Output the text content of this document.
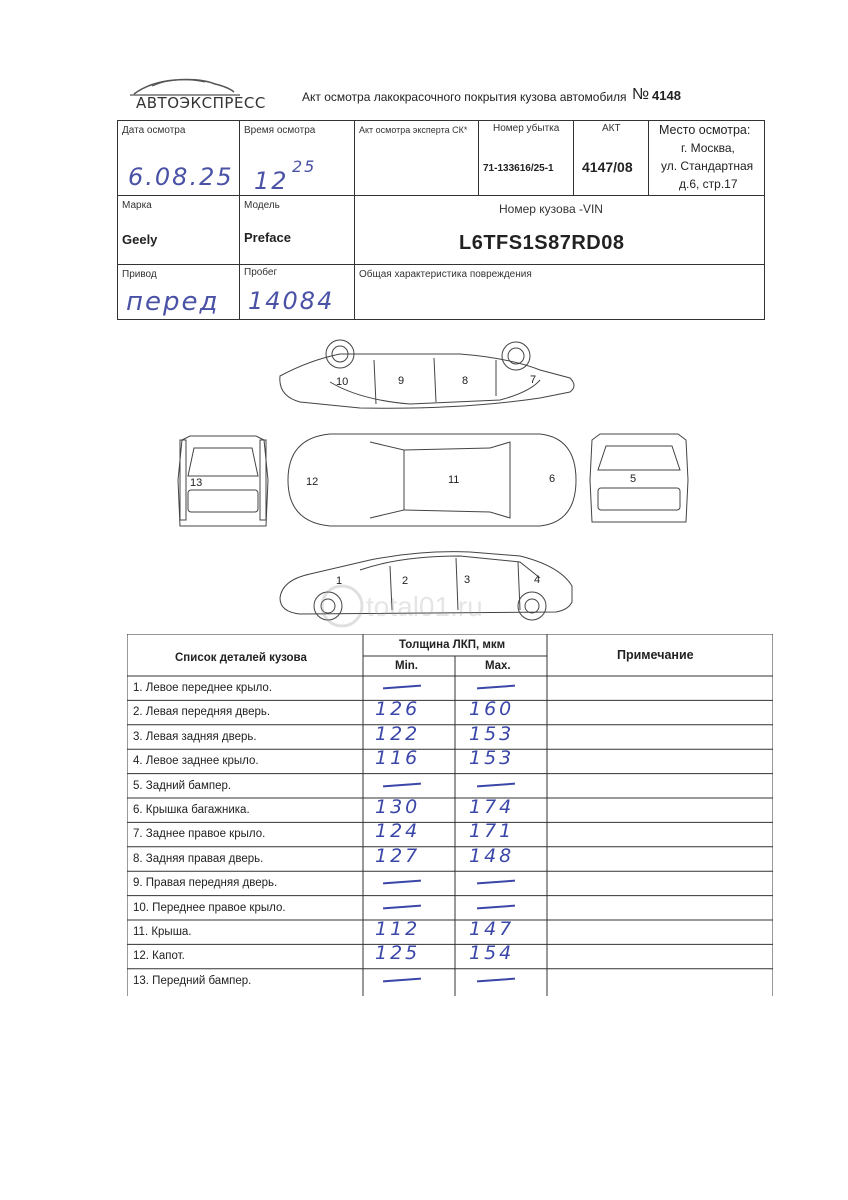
АВТОЭКСПРЕСС	Акт осмотра лакокрасочного покрытия кузова автомобиля № 4148
Дата осмотра
6.08.25
Время осмотра
12
25
Акт осмотра эксперта СК*	Номер убытка
71-133616/25-1
АКТ
4147/08
Место осмотра:
г. Москва,
ул. Стандартная
д.6, стр.17
Марка
Geely
Модель
Preface
Номер кузова -VIN
L6TFS1S87RD08
Привод
перед
Пробег
14084
Общая характеристика повреждения
10	9	8	7
13	12	11	6	5
1	2	3	4
total01.ru
Список деталей кузова
Толщина ЛКП, мкм
Min.	Max.
Примечание
1. Левое переднее крыло.
2. Левая передняя дверь.	126	160
3. Левая задняя дверь.	122	153
4. Левое заднее крыло.	116	153
5. Задний бампер.
6. Крышка багажника.	130	174
7. Заднее правое крыло.	124	171
8. Задняя правая дверь.	127	148
9. Правая передняя дверь.
10. Переднее правое крыло.
11. Крыша.	112	147
12. Капот.	125	154
13. Передний бампер.
